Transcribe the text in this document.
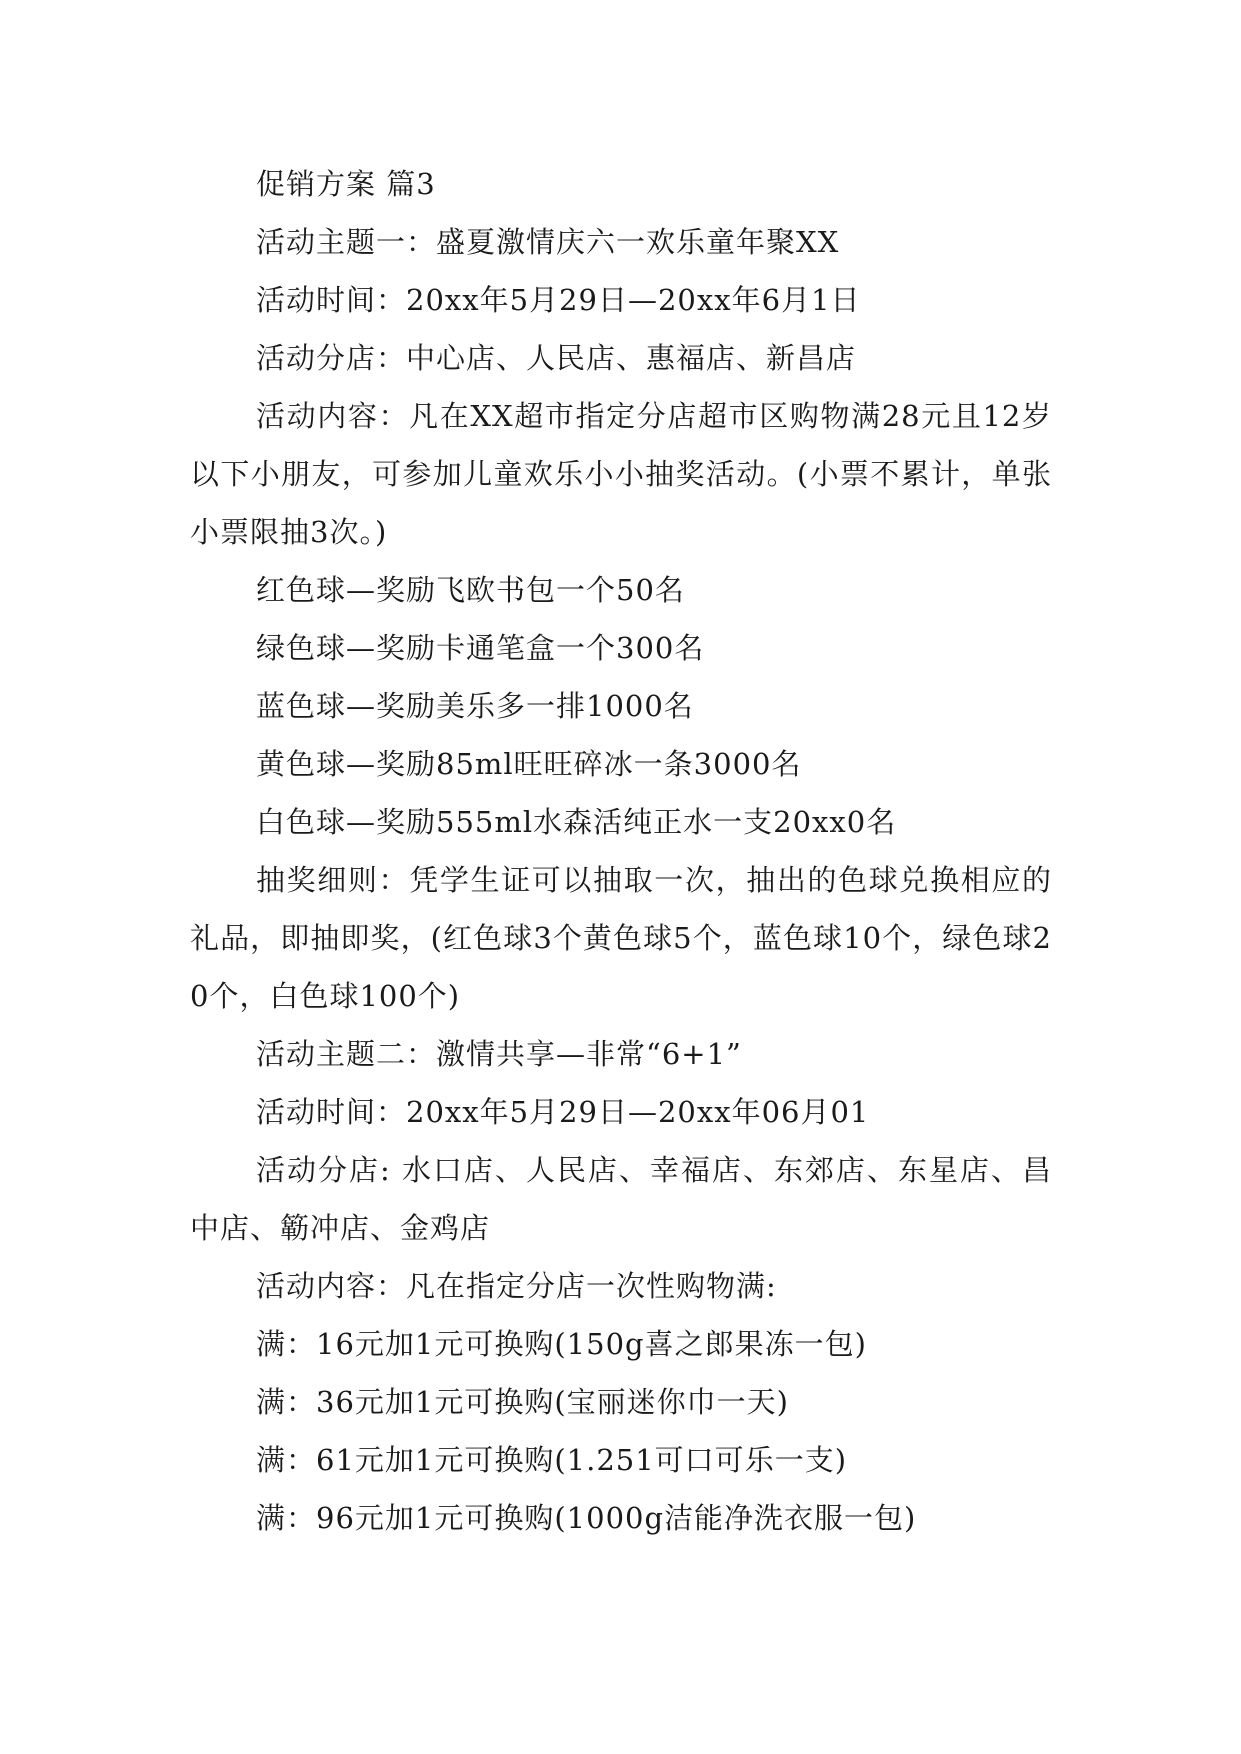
促销方案 篇3

活动主题一：盛夏激情庆六一欢乐童年聚XX

活动时间：20xx年5月29日—20xx年6月1日

活动分店：中心店、人民店、惠福店、新昌店

活动内容：凡在XX超市指定分店超市区购物满28元且12岁以下小朋友，可参加儿童欢乐小小抽奖活动。(小票不累计，单张小票限抽3次。)

红色球—奖励飞欧书包一个50名

绿色球—奖励卡通笔盒一个300名

蓝色球—奖励美乐多一排1000名

黄色球—奖励85ml旺旺碎冰一条3000名

白色球—奖励555ml水森活纯正水一支20xx0名

抽奖细则：凭学生证可以抽取一次，抽出的色球兑换相应的礼品，即抽即奖，(红色球3个黄色球5个，蓝色球10个，绿色球20个，白色球100个)

活动主题二：激情共享—非常“6+1”

活动时间：20xx年5月29日—20xx年06月01

活动分店: 水口店、人民店、幸福店、东郊店、东星店、昌中店、簕冲店、金鸡店

活动内容：凡在指定分店一次性购物满:

满：16元加1元可换购(150g喜之郎果冻一包)

满：36元加1元可换购(宝丽迷你巾一天)

满：61元加1元可换购(1.251可口可乐一支)

满：96元加1元可换购(1000g洁能净洗衣服一包)
